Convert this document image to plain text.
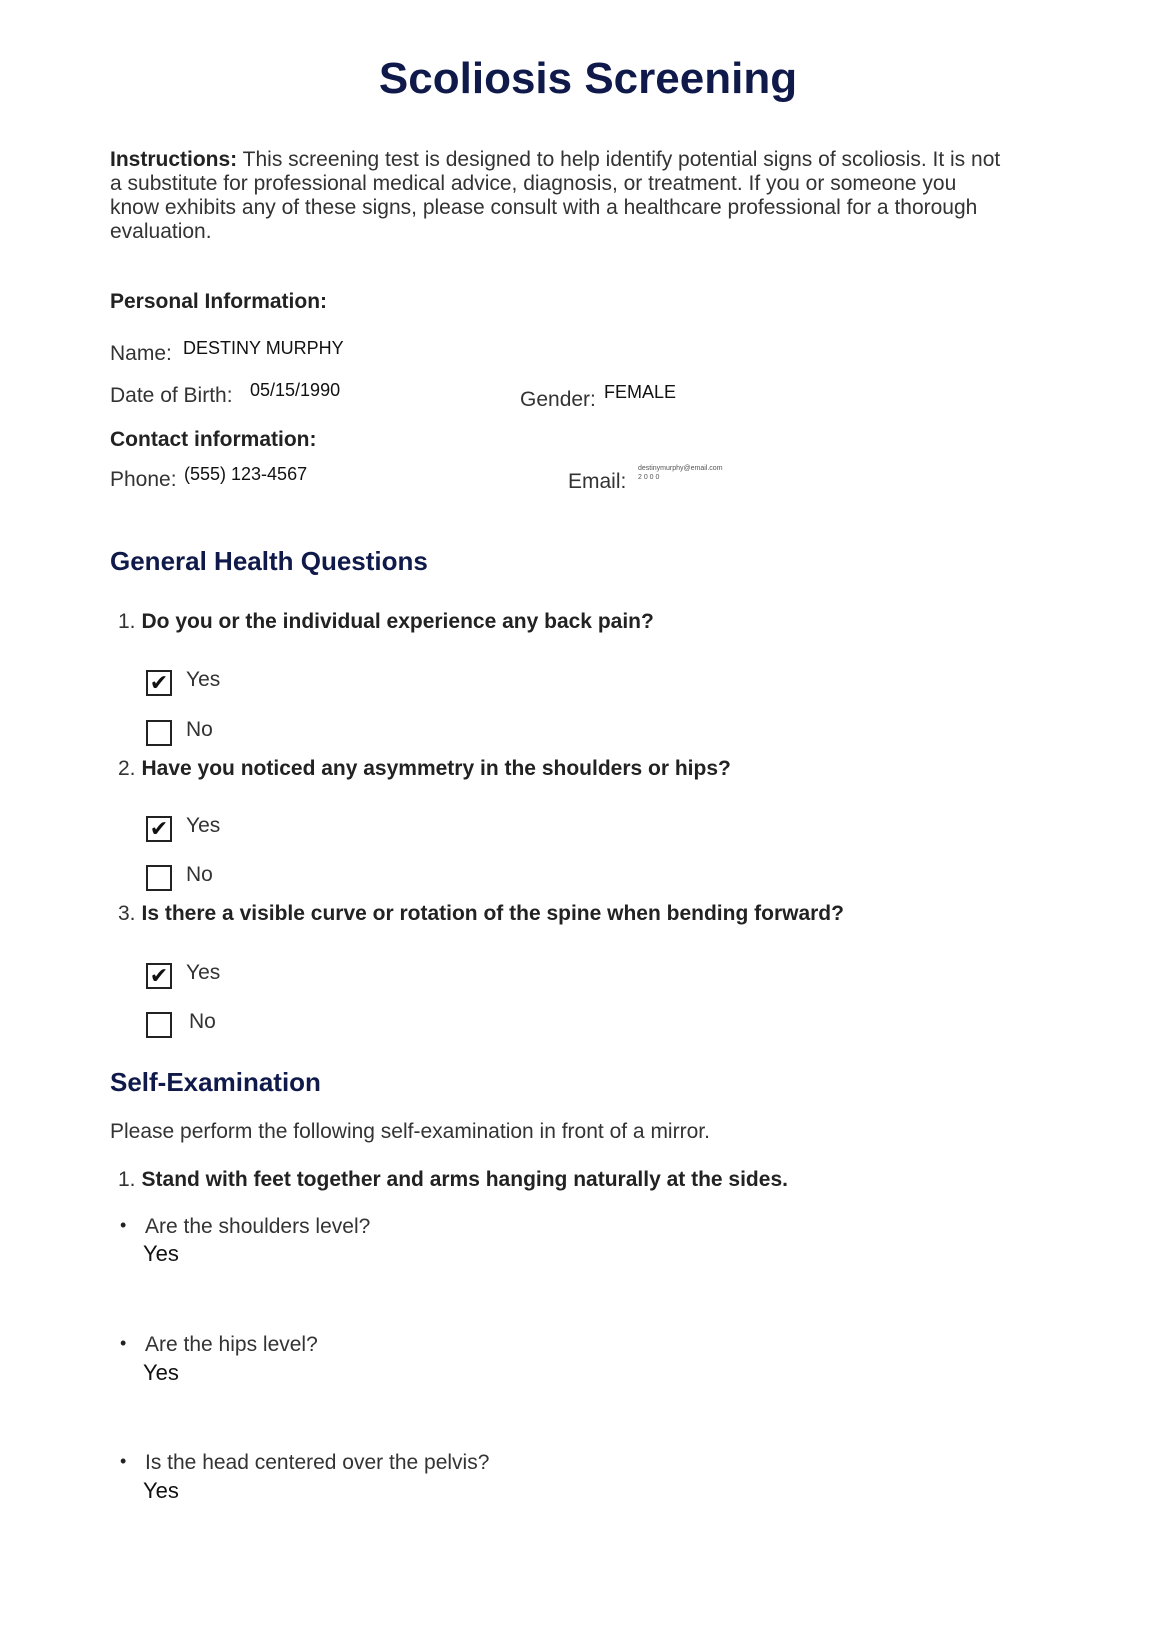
Scoliosis Screening
Instructions: This screening test is designed to help identify potential signs of scoliosis. It is not a substitute for professional medical advice, diagnosis, or treatment. If you or someone you know exhibits any of these signs, please consult with a healthcare professional for a thorough evaluation.
Personal Information:
Name: DESTINY MURPHY
Date of Birth: 05/15/1990	Gender: FEMALE
Contact information:
Phone: (555) 123-4567	Email:
destinymurphy@email.com
2 0 0 0
General Health Questions
1. Do you or the individual experience any back pain?
✔ Yes
No
2. Have you noticed any asymmetry in the shoulders or hips?
✔ Yes
No
3. Is there a visible curve or rotation of the spine when bending forward?
✔ Yes
No
Self-Examination
Please perform the following self-examination in front of a mirror.
1. Stand with feet together and arms hanging naturally at the sides.
• Are the shoulders level?
Yes
• Are the hips level?
Yes
• Is the head centered over the pelvis?
Yes
